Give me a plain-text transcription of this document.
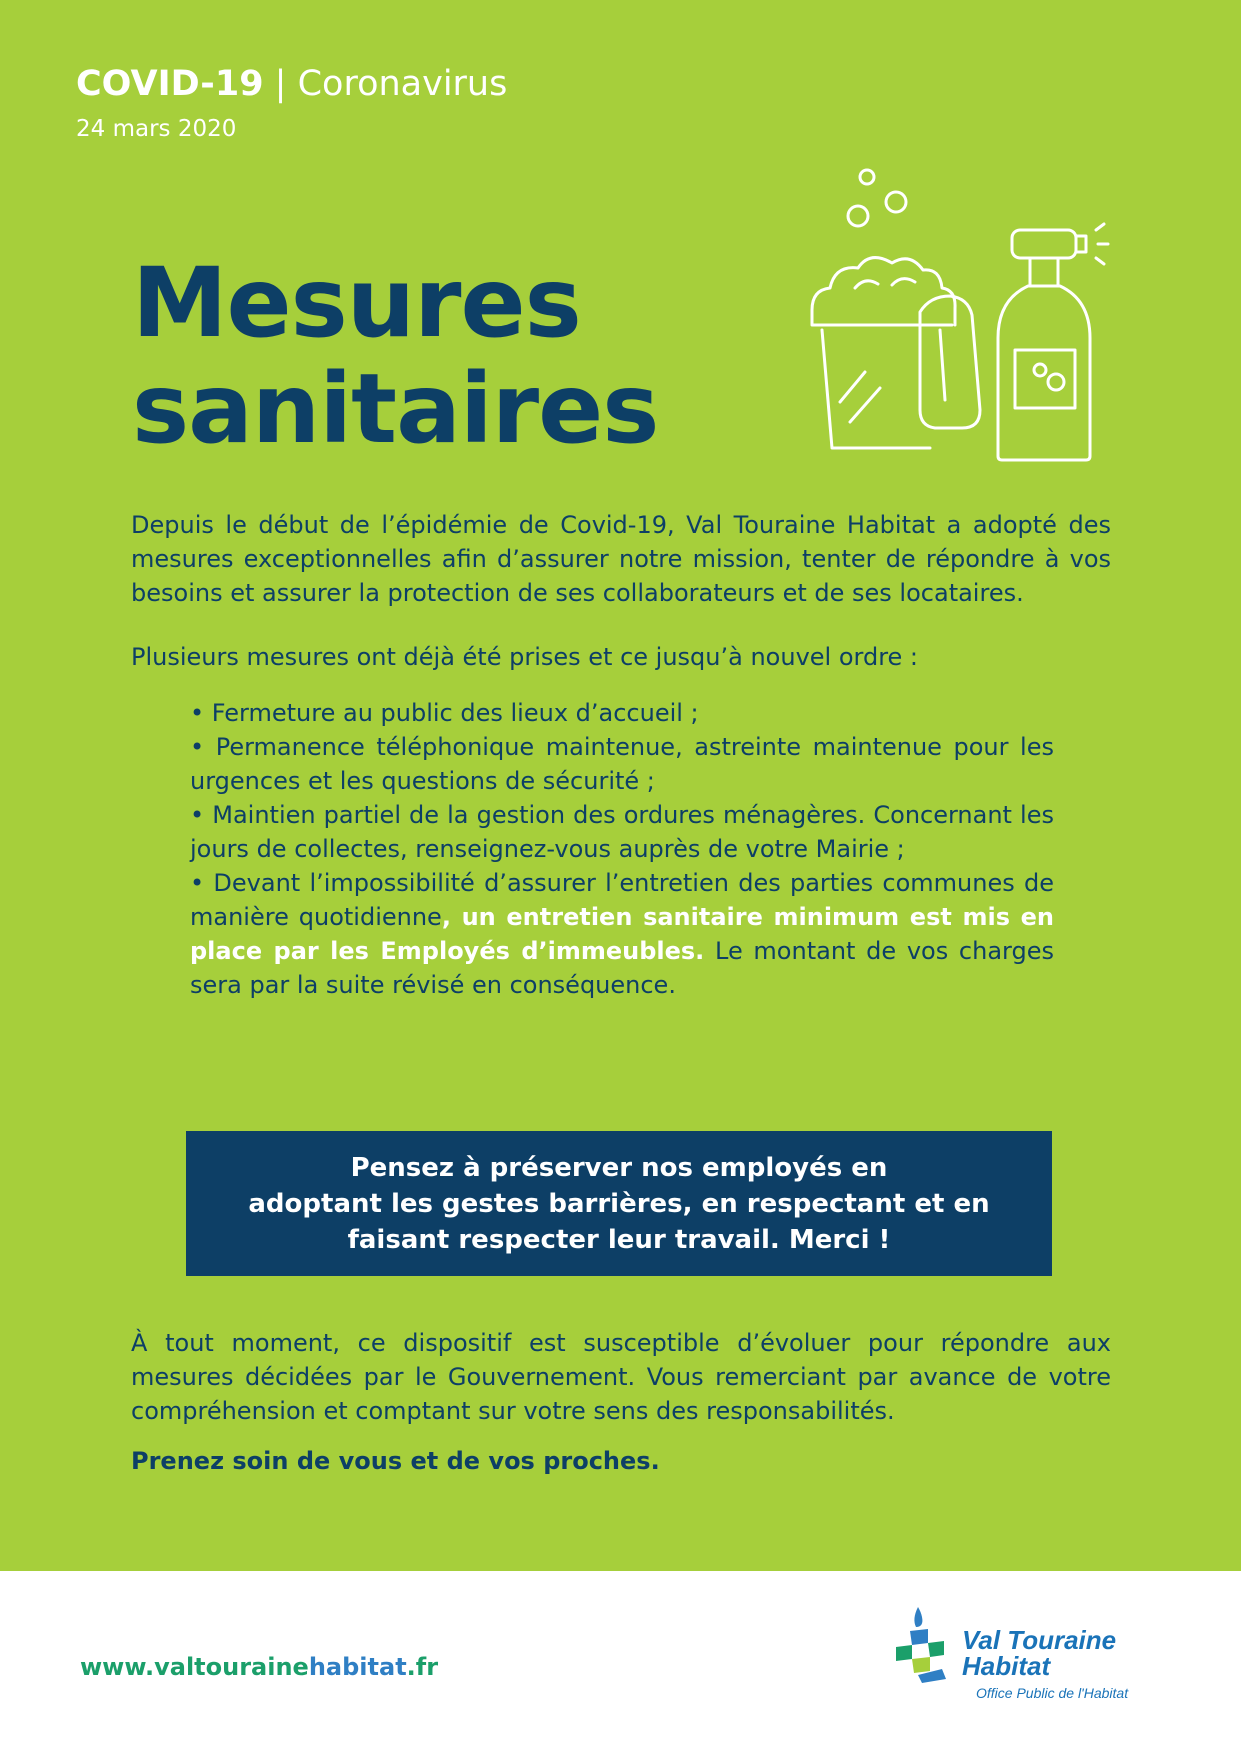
COVID-19 | Coronavirus
24 mars 2020
Mesures
sanitaires

Depuis le début de l’épidémie de Covid-19, Val Touraine Habitat a adopté des mesures exceptionnelles afin d’assurer notre mission, tenter de répondre à vos besoins et assurer la protection de ses collaborateurs et de ses locataires.

Plusieurs mesures ont déjà été prises et ce jusqu’à nouvel ordre :

• Fermeture au public des lieux d’accueil ;

• Permanence téléphonique maintenue, astreinte maintenue pour les urgences et les questions de sécurité ;

• Maintien partiel de la gestion des ordures ménagères. Concernant les jours de collectes, renseignez-vous auprès de votre Mairie ;

• Devant l’impossibilité d’assurer l’entretien des parties communes de manière quotidienne, un entretien sanitaire minimum est mis en place par les Employés d’immeubles. Le montant de vos charges sera par la suite révisé en conséquence.

Pensez à préserver nos employés en
adoptant les gestes barrières, en respectant et en
faisant respecter leur travail. Merci !

À tout moment, ce dispositif est susceptible d’évoluer pour répondre aux mesures décidées par le Gouvernement. Vous remerciant par avance de votre compréhension et comptant sur votre sens des responsabilités.

Prenez soin de vous et de vos proches.

www.valtourainehabitat.fr
Val Touraine
Habitat
Office Public de l'Habitat
